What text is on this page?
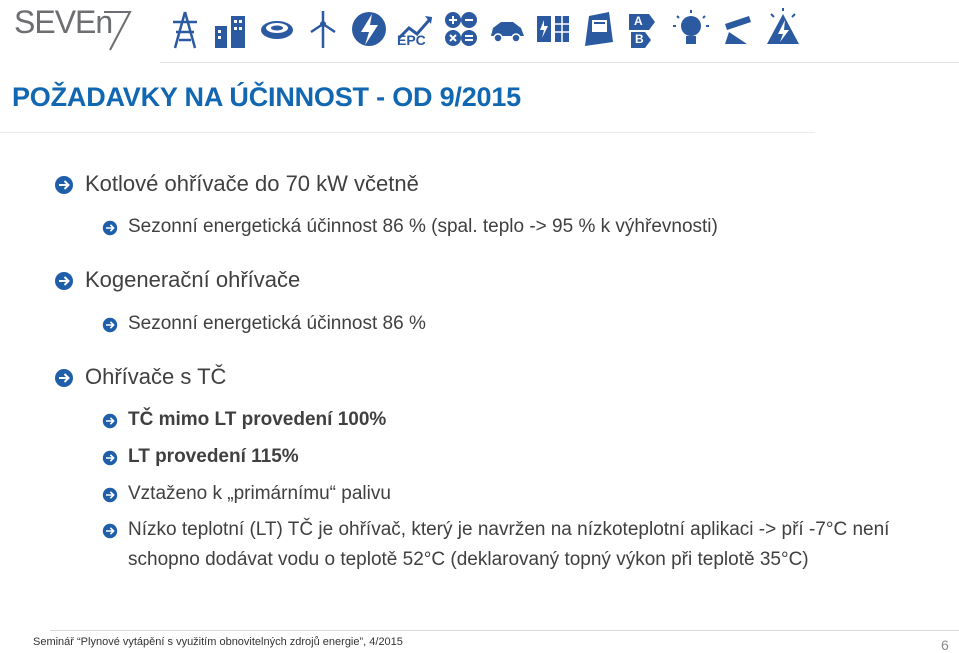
SEVEn	EPC
A
B
POŽADAVKY NA ÚČINNOST - OD 9/2015
Kotlové ohřívače do 70 kW včetně
Sezonní energetická účinnost 86 % (spal. teplo -> 95 % k výhřevnosti)
Kogenerační ohřívače
Sezonní energetická účinnost 86 %
Ohřívače s TČ
TČ mimo LT provedení 100%
LT provedení 115%
Vztaženo k „primárnímu“ palivu
Nízko teplotní (LT) TČ je ohřívač, který je navržen na nízkoteplotní aplikaci -> pří -7°C není schopno dodávat vodu o teplotě 52°C (deklarovaný topný výkon při teplotě 35°C)
Seminář “Plynové vytápění s využitím obnovitelných zdrojů energie”, 4/2015	6
